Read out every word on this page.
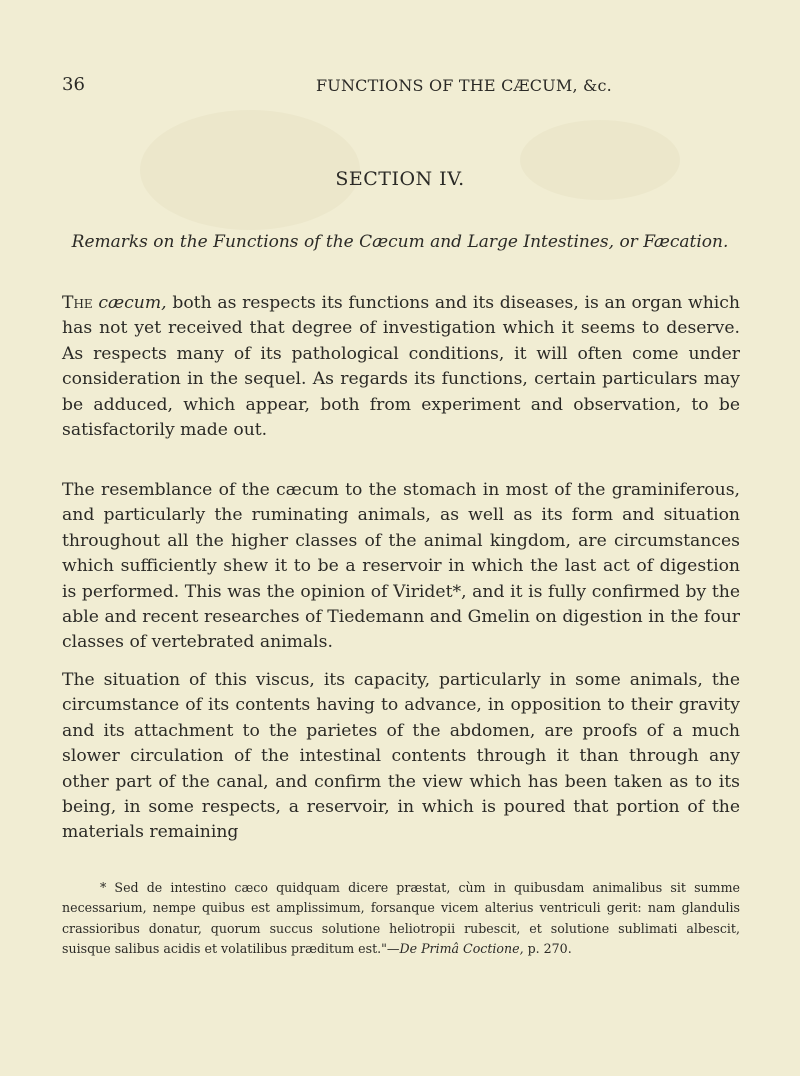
36	FUNCTIONS OF THE CÆCUM, &c.
SECTION IV.
Remarks on the Functions of the Cæcum and Large Intestines, or Fæcation.

The cæcum, both as respects its functions and its diseases, is an organ which has not yet received that degree of investigation which it seems to deserve. As respects many of its pathological conditions, it will often come under consideration in the sequel. As regards its functions, certain particulars may be adduced, which appear, both from experiment and observation, to be satisfactorily made out.

The resemblance of the cæcum to the stomach in most of the graminiferous, and particularly the ruminating animals, as well as its form and situation throughout all the higher classes of the animal kingdom, are circumstances which sufficiently shew it to be a reservoir in which the last act of digestion is performed. This was the opinion of Viridet*, and it is fully confirmed by the able and recent researches of Tiedemann and Gmelin on digestion in the four classes of vertebrated animals.

The situation of this viscus, its capacity, particularly in some animals, the circumstance of its contents having to advance, in opposition to their gravity and its attachment to the parietes of the abdomen, are proofs of a much slower circulation of the intestinal contents through it than through any other part of the canal, and confirm the view which has been taken as to its being, in some respects, a reservoir, in which is poured that portion of the materials remaining

* Sed de intestino cæco quidquam dicere præstat, cùm in quibusdam animalibus sit summe necessarium, nempe quibus est amplissimum, forsanque vicem alterius ventriculi gerit: nam glandulis crassioribus donatur, quorum succus solutione heliotropii rubescit, et solutione sublimati albescit, suisque salibus acidis et volatilibus præditum est."—De Primâ Coctione, p. 270.
